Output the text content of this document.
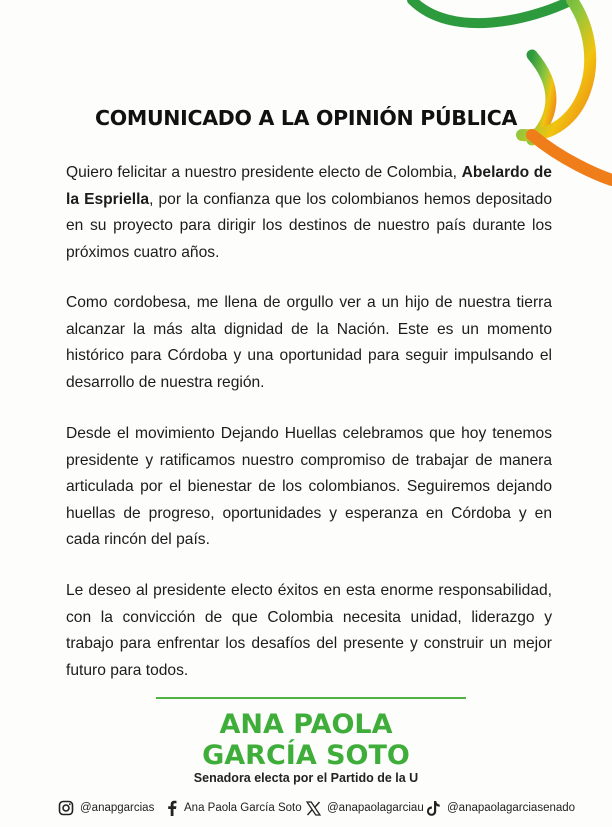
COMUNICADO A LA OPINIÓN PÚBLICA

Quiero felicitar a nuestro presidente electo de Colombia, Abelardo de la Espriella, por la confianza que los colombianos hemos depositado en su proyecto para dirigir los destinos de nuestro país durante los próximos cuatro años.

Como cordobesa, me llena de orgullo ver a un hijo de nuestra tierra alcanzar la más alta dignidad de la Nación. Este es un momento histórico para Córdoba y una oportunidad para seguir impulsando el desarrollo de nuestra región.

Desde el movimiento Dejando Huellas celebramos que hoy tenemos presidente y ratificamos nuestro compromiso de trabajar de manera articulada por el bienestar de los colombianos. Seguiremos dejando huellas de progreso, oportunidades y esperanza en Córdoba y en cada rincón del país.

Le deseo al presidente electo éxitos en esta enorme responsabilidad, con la convicción de que Colombia necesita unidad, liderazgo y trabajo para enfrentar los desafíos del presente y construir un mejor futuro para todos.

ANA PAOLA
GARCÍA SOTO
Senadora electa por el Partido de la U
@anapgarcias	Ana Paola García Soto @anapaolagarciau @anapaolagarciasenado
